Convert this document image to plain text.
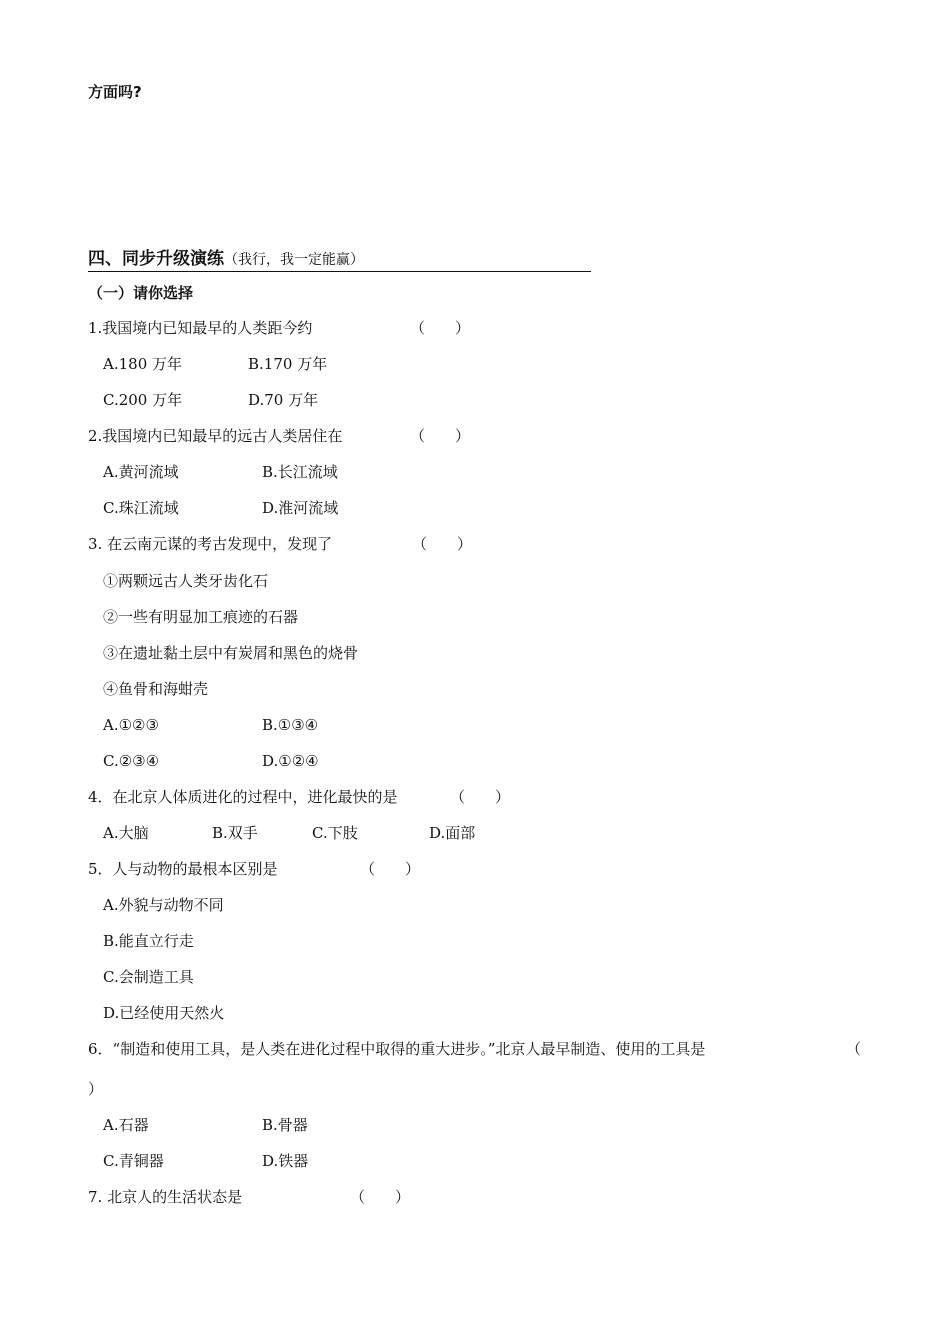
方面吗?
四、同步升级演练（我行，我一定能赢）
（一）请你选择
1.我国境内已知最早的人类距今约	（　　）
A.180 万年	B.170 万年
C.200 万年	D.70 万年
2.我国境内已知最早的远古人类居住在	（　　）
A.黄河流域	B.长江流域
C.珠江流域	D.淮河流域
3. 在云南元谋的考古发现中，发现了	（　　）
①两颗远古人类牙齿化石
②一些有明显加工痕迹的石器
③在遗址黏土层中有炭屑和黑色的烧骨
④鱼骨和海蚶壳
A.①②③	B.①③④
C.②③④	D.①②④
4．在北京人体质进化的过程中，进化最快的是	（　　）
A.大脑	B.双手	C.下肢	D.面部
5．人与动物的最根本区别是	（　　）
A.外貌与动物不同
B.能直立行走
C.会制造工具
D.已经使用天然火
6．“制造和使用工具，是人类在进化过程中取得的重大进步。”北京人最早制造、使用的工具是	（
）
A.石器	B.骨器
C.青铜器	D.铁器
7. 北京人的生活状态是	（　　）
